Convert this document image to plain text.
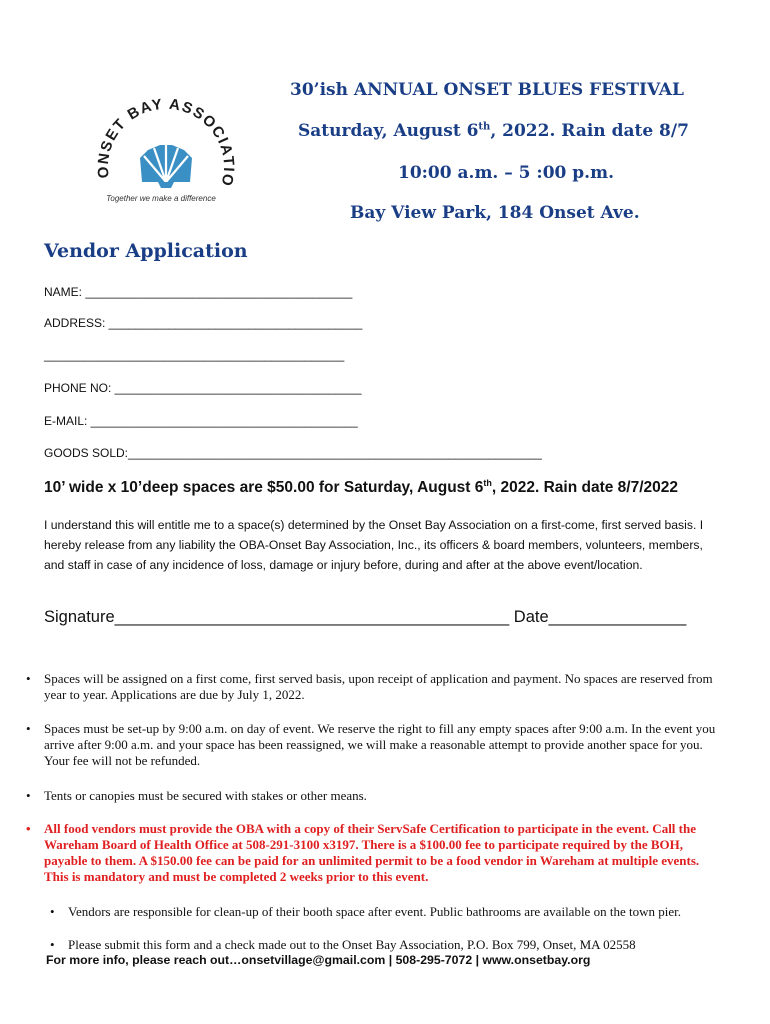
ONSET BAY ASSOCIATIO
Together we make a difference
30’ish ANNUAL ONSET BLUES FESTIVAL
Saturday, August 6th, 2022. Rain date 8/7
10:00 a.m. – 5 :00 p.m.
Bay View Park, 184 Onset Ave.
Vendor Application
NAME: ________________________________________
ADDRESS: ______________________________________
_____________________________________________
PHONE NO: _____________________________________
E-MAIL: ________________________________________
GOODS SOLD:______________________________________________________________
10’ wide x 10’deep spaces are $50.00 for Saturday, August 6th, 2022. Rain date 8/7/2022
I understand this will entitle me to a space(s) determined by the Onset Bay Association on a first-come, first served basis. I hereby release from any liability the OBA-Onset Bay Association, Inc., its officers & board members, volunteers, members, and staff in case of any incidence of loss, damage or injury before, during and after at the above event/location.
Signature___________________________________________ Date_______________
• Spaces will be assigned on a first come, first served basis, upon receipt of application and payment. No spaces are reserved from year to year. Applications are due by July 1, 2022.
• Spaces must be set-up by 9:00 a.m. on day of event. We reserve the right to fill any empty spaces after 9:00 a.m. In the event you arrive after 9:00 a.m. and your space has been reassigned, we will make a reasonable attempt to provide another space for you. Your fee will not be refunded.
• Tents or canopies must be secured with stakes or other means.
• All food vendors must provide the OBA with a copy of their ServSafe Certification to participate in the event. Call the Wareham Board of Health Office at 508-291-3100 x3197. There is a $100.00 fee to participate required by the BOH, payable to them. A $150.00 fee can be paid for an unlimited permit to be a food vendor in Wareham at multiple events. This is mandatory and must be completed 2 weeks prior to this event.
• Vendors are responsible for clean-up of their booth space after event. Public bathrooms are available on the town pier.
• Please submit this form and a check made out to the Onset Bay Association, P.O. Box 799, Onset, MA 02558
For more info, please reach out…onsetvillage@gmail.com | 508-295-7072 | www.onsetbay.org
